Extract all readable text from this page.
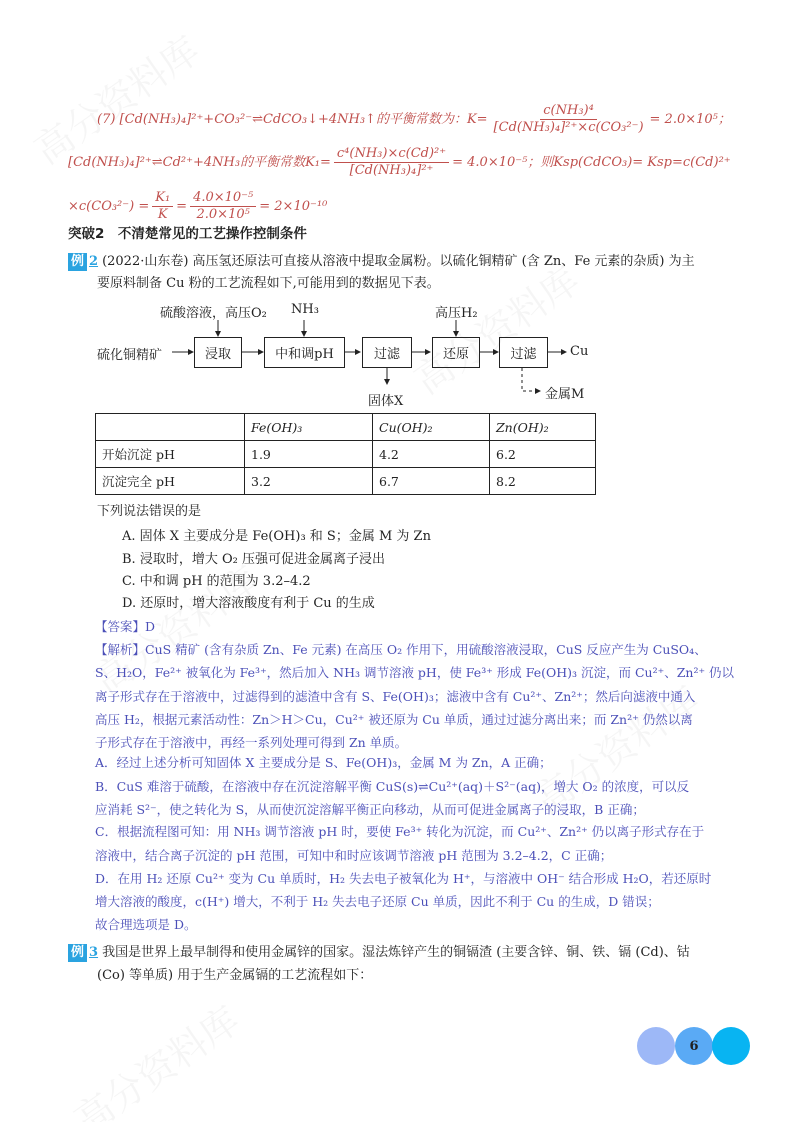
(7) [Cd(NH₃)₄]²⁺+CO₃²⁻⇌CdCO₃↓+4NH₃↑的平衡常数为：$K= \frac{\text{c(NH₃)⁴}}{\text{[Cd(NH₃)₄]²⁺×c(CO₃²⁻)}} = 2.0\times 10^5$；
[Cd(NH₃)₄]²⁺⇌Cd²⁺+4NH₃的平衡常数$K_1= \frac{\text{c⁴(NH₃)×c(Cd)²⁺}}{\text{[Cd(NH₃)₄]²⁺}} = 4.0\times 10^{-5}$；则Ksp(CdCO₃)= Ksp=c(Cd)²⁺
$\times c(CO_3^{2-}) = \frac{\text{K₁}}{K} = \frac{\text{4.0×10⁻⁵}}{\text{2.0×10⁵}} = 2\times 10^{-10}$
突破2　不清楚常见的工艺操作控制条件
例 2 (2022·山东卷) 高压氢还原法可直接从溶液中提取金属粉。以硫化铜精矿 (含 Zn、Fe 元素的杂质) 为主
要原料制备 Cu 粉的工艺流程如下,可能用到的数据见下表。
硫化铜精矿	浸取	中和调pH	过滤	还原	过滤
硫酸溶液，高压O₂ NH₃	高压H₂
Cu
固体X	金属M
	Fe(OH)₃	Cu(OH)₂	Zn(OH)₂
开始沉淀 pH	1.9	4.2	6.2
沉淀完全 pH	3.2	6.7	8.2
下列说法错误的是
A. 固体 X 主要成分是 Fe(OH)₃ 和 S；金属 M 为 Zn
B. 浸取时，增大 O₂ 压强可促进金属离子浸出
C. 中和调 pH 的范围为 3.2–4.2
D. 还原时，增大溶液酸度有利于 Cu 的生成
【答案】D
【解析】CuS 精矿 (含有杂质 Zn、Fe 元素) 在高压 O₂ 作用下，用硫酸溶液浸取，CuS 反应产生为 CuSO₄、
S、H₂O，Fe²⁺ 被氧化为 Fe³⁺，然后加入 NH₃ 调节溶液 pH，使 Fe³⁺ 形成 Fe(OH)₃ 沉淀，而 Cu²⁺、Zn²⁺ 仍以
离子形式存在于溶液中，过滤得到的滤渣中含有 S、Fe(OH)₃；滤液中含有 Cu²⁺、Zn²⁺；然后向滤液中通入
高压 H₂，根据元素活动性：Zn＞H＞Cu，Cu²⁺ 被还原为 Cu 单质，通过过滤分离出来；而 Zn²⁺ 仍然以离
子形式存在于溶液中，再经一系列处理可得到 Zn 单质。
A．经过上述分析可知固体 X 主要成分是 S、Fe(OH)₃，金属 M 为 Zn，A 正确；
B．CuS 难溶于硫酸，在溶液中存在沉淀溶解平衡 CuS(s)⇌Cu²⁺(aq)＋S²⁻(aq)，增大 O₂ 的浓度，可以反
应消耗 S²⁻，使之转化为 S，从而使沉淀溶解平衡正向移动，从而可促进金属离子的浸取，B 正确；
C．根据流程图可知：用 NH₃ 调节溶液 pH 时，要使 Fe³⁺ 转化为沉淀，而 Cu²⁺、Zn²⁺ 仍以离子形式存在于
溶液中，结合离子沉淀的 pH 范围，可知中和时应该调节溶液 pH 范围为 3.2–4.2，C 正确；
D．在用 H₂ 还原 Cu²⁺ 变为 Cu 单质时，H₂ 失去电子被氧化为 H⁺，与溶液中 OH⁻ 结合形成 H₂O，若还原时
增大溶液的酸度，c(H⁺) 增大，不利于 H₂ 失去电子还原 Cu 单质，因此不利于 Cu 的生成，D 错误；
故合理选项是 D。
例 3 我国是世界上最早制得和使用金属锌的国家。湿法炼锌产生的铜镉渣 (主要含锌、铜、铁、镉 (Cd)、钴
(Co) 等单质) 用于生产金属镉的工艺流程如下：
6
